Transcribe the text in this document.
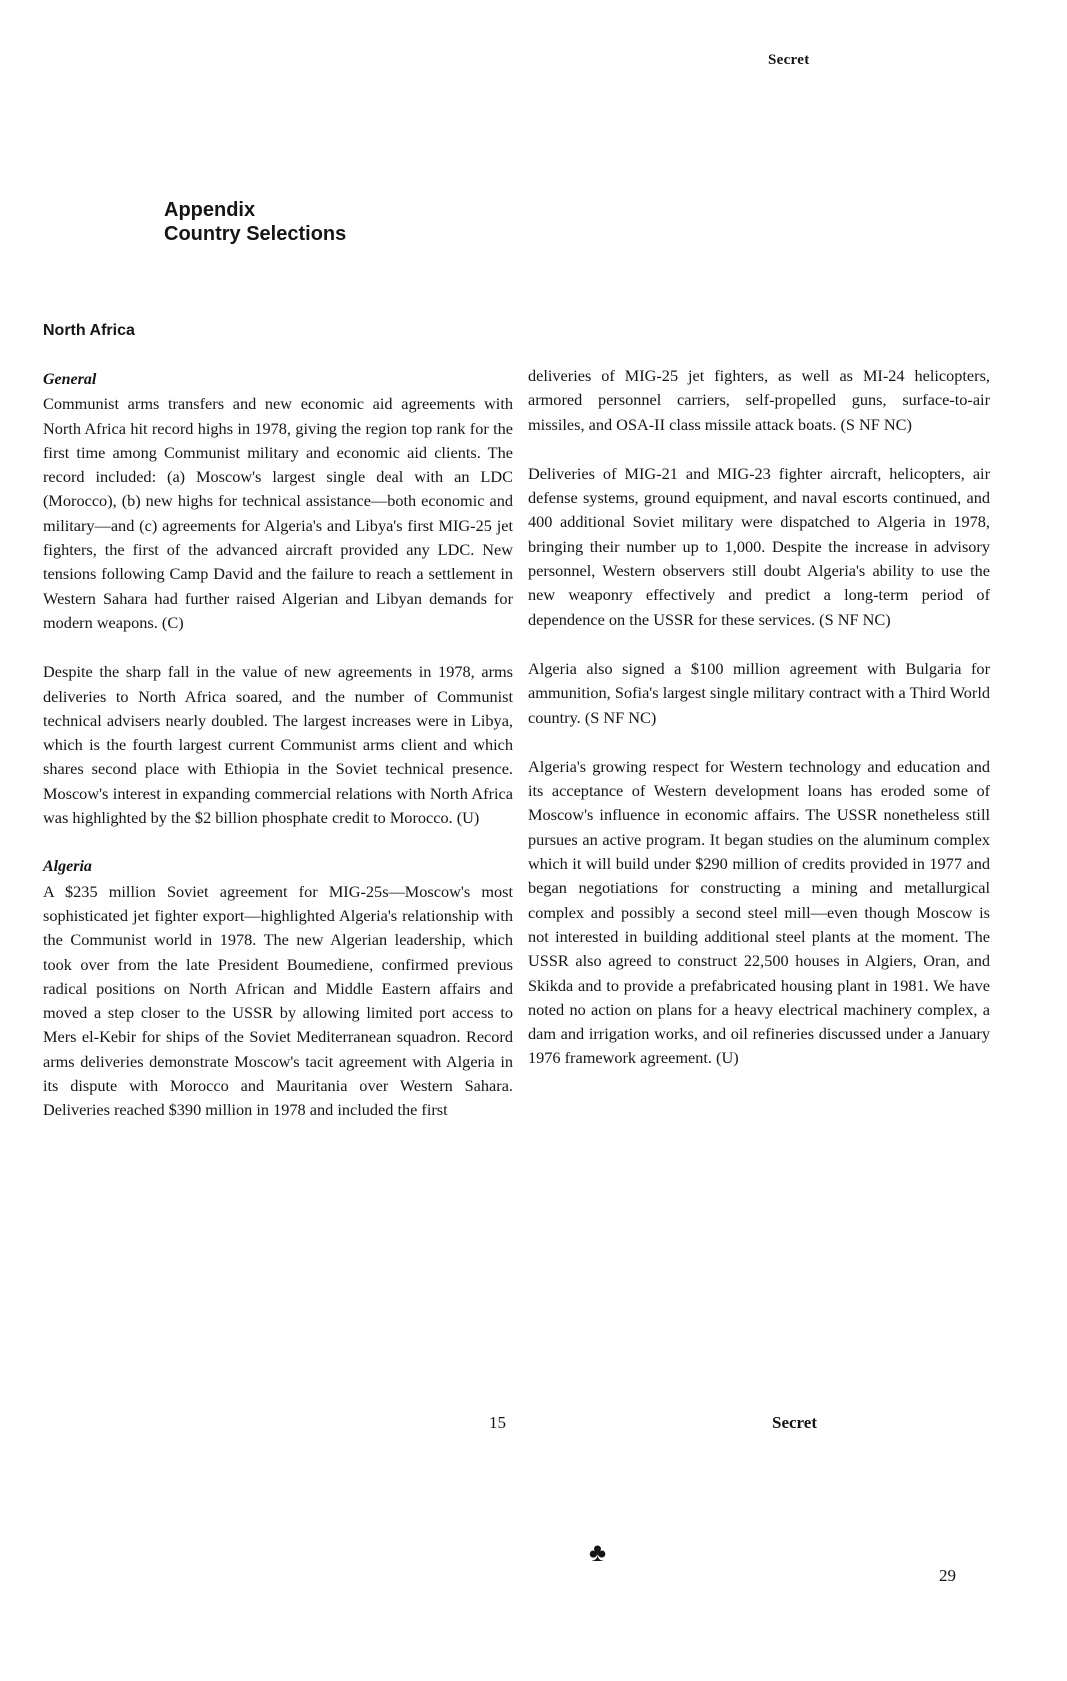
Secret
Appendix
Country Selections
North Africa
General

Communist arms transfers and new economic aid agreements with North Africa hit record highs in 1978, giving the region top rank for the first time among Communist military and economic aid clients. The record included: (a) Moscow's largest single deal with an LDC (Morocco), (b) new highs for technical assistance—both economic and military—and (c) agreements for Algeria's and Libya's first MIG-25 jet fighters, the first of the advanced aircraft provided any LDC. New tensions following Camp David and the failure to reach a settlement in Western Sahara had further raised Algerian and Libyan demands for modern weapons. (C)

Despite the sharp fall in the value of new agreements in 1978, arms deliveries to North Africa soared, and the number of Communist technical advisers nearly doubled. The largest increases were in Libya, which is the fourth largest current Communist arms client and which shares second place with Ethiopia in the Soviet technical presence. Moscow's interest in expanding commercial relations with North Africa was highlighted by the $2 billion phosphate credit to Morocco. (U)

Algeria

A $235 million Soviet agreement for MIG-25s—Moscow's most sophisticated jet fighter export—highlighted Algeria's relationship with the Communist world in 1978. The new Algerian leadership, which took over from the late President Boumediene, confirmed previous radical positions on North African and Middle Eastern affairs and moved a step closer to the USSR by allowing limited port access to Mers el-Kebir for ships of the Soviet Mediterranean squadron. Record arms deliveries demonstrate Moscow's tacit agreement with Algeria in its dispute with Morocco and Mauritania over Western Sahara. Deliveries reached $390 million in 1978 and included the first

deliveries of MIG-25 jet fighters, as well as MI-24 helicopters, armored personnel carriers, self-propelled guns, surface-to-air missiles, and OSA-II class missile attack boats. (S NF NC)

Deliveries of MIG-21 and MIG-23 fighter aircraft, helicopters, air defense systems, ground equipment, and naval escorts continued, and 400 additional Soviet military were dispatched to Algeria in 1978, bringing their number up to 1,000. Despite the increase in advisory personnel, Western observers still doubt Algeria's ability to use the new weaponry effectively and predict a long-term period of dependence on the USSR for these services. (S NF NC)

Algeria also signed a $100 million agreement with Bulgaria for ammunition, Sofia's largest single military contract with a Third World country. (S NF NC)

Algeria's growing respect for Western technology and education and its acceptance of Western development loans has eroded some of Moscow's influence in economic affairs. The USSR nonetheless still pursues an active program. It began studies on the aluminum complex which it will build under $290 million of credits provided in 1977 and began negotiations for constructing a mining and metallurgical complex and possibly a second steel mill—even though Moscow is not interested in building additional steel plants at the moment. The USSR also agreed to construct 22,500 houses in Algiers, Oran, and Skikda and to provide a prefabricated housing plant in 1981. We have noted no action on plans for a heavy electrical machinery complex, a dam and irrigation works, and oil refineries discussed under a January 1976 framework agreement. (U)

15	Secret
♣
29
